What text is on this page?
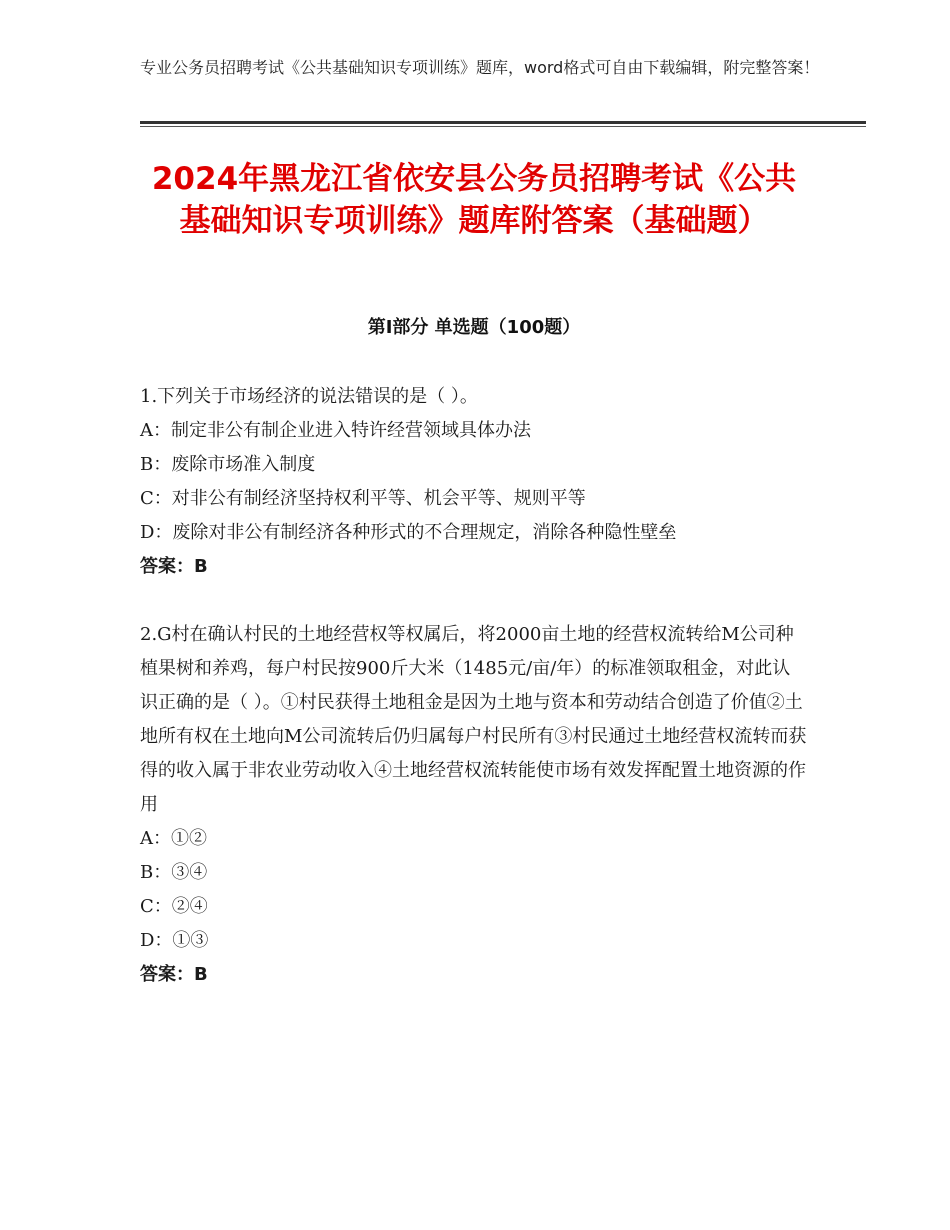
专业公务员招聘考试《公共基础知识专项训练》题库，word格式可自由下载编辑，附完整答案！
2024年黑龙江省依安县公务员招聘考试《公共基础知识专项训练》题库附答案（基础题）
第Ⅰ部分 单选题（100题）

1.下列关于市场经济的说法错误的是（ ）。

A：制定非公有制企业进入特许经营领域具体办法

B：废除市场准入制度

C：对非公有制经济坚持权利平等、机会平等、规则平等

D：废除对非公有制经济各种形式的不合理规定，消除各种隐性壁垒

答案：B

2.G村在确认村民的土地经营权等权属后，将2000亩土地的经营权流转给M公司种植果树和养鸡，每户村民按900斤大米（1485元/亩/年）的标准领取租金，对此认识正确的是（ ）。①村民获得土地租金是因为土地与资本和劳动结合创造了价值②土地所有权在土地向M公司流转后仍归属每户村民所有③村民通过土地经营权流转而获得的收入属于非农业劳动收入④土地经营权流转能使市场有效发挥配置土地资源的作用

A：①②

B：③④

C：②④

D：①③

答案：B
